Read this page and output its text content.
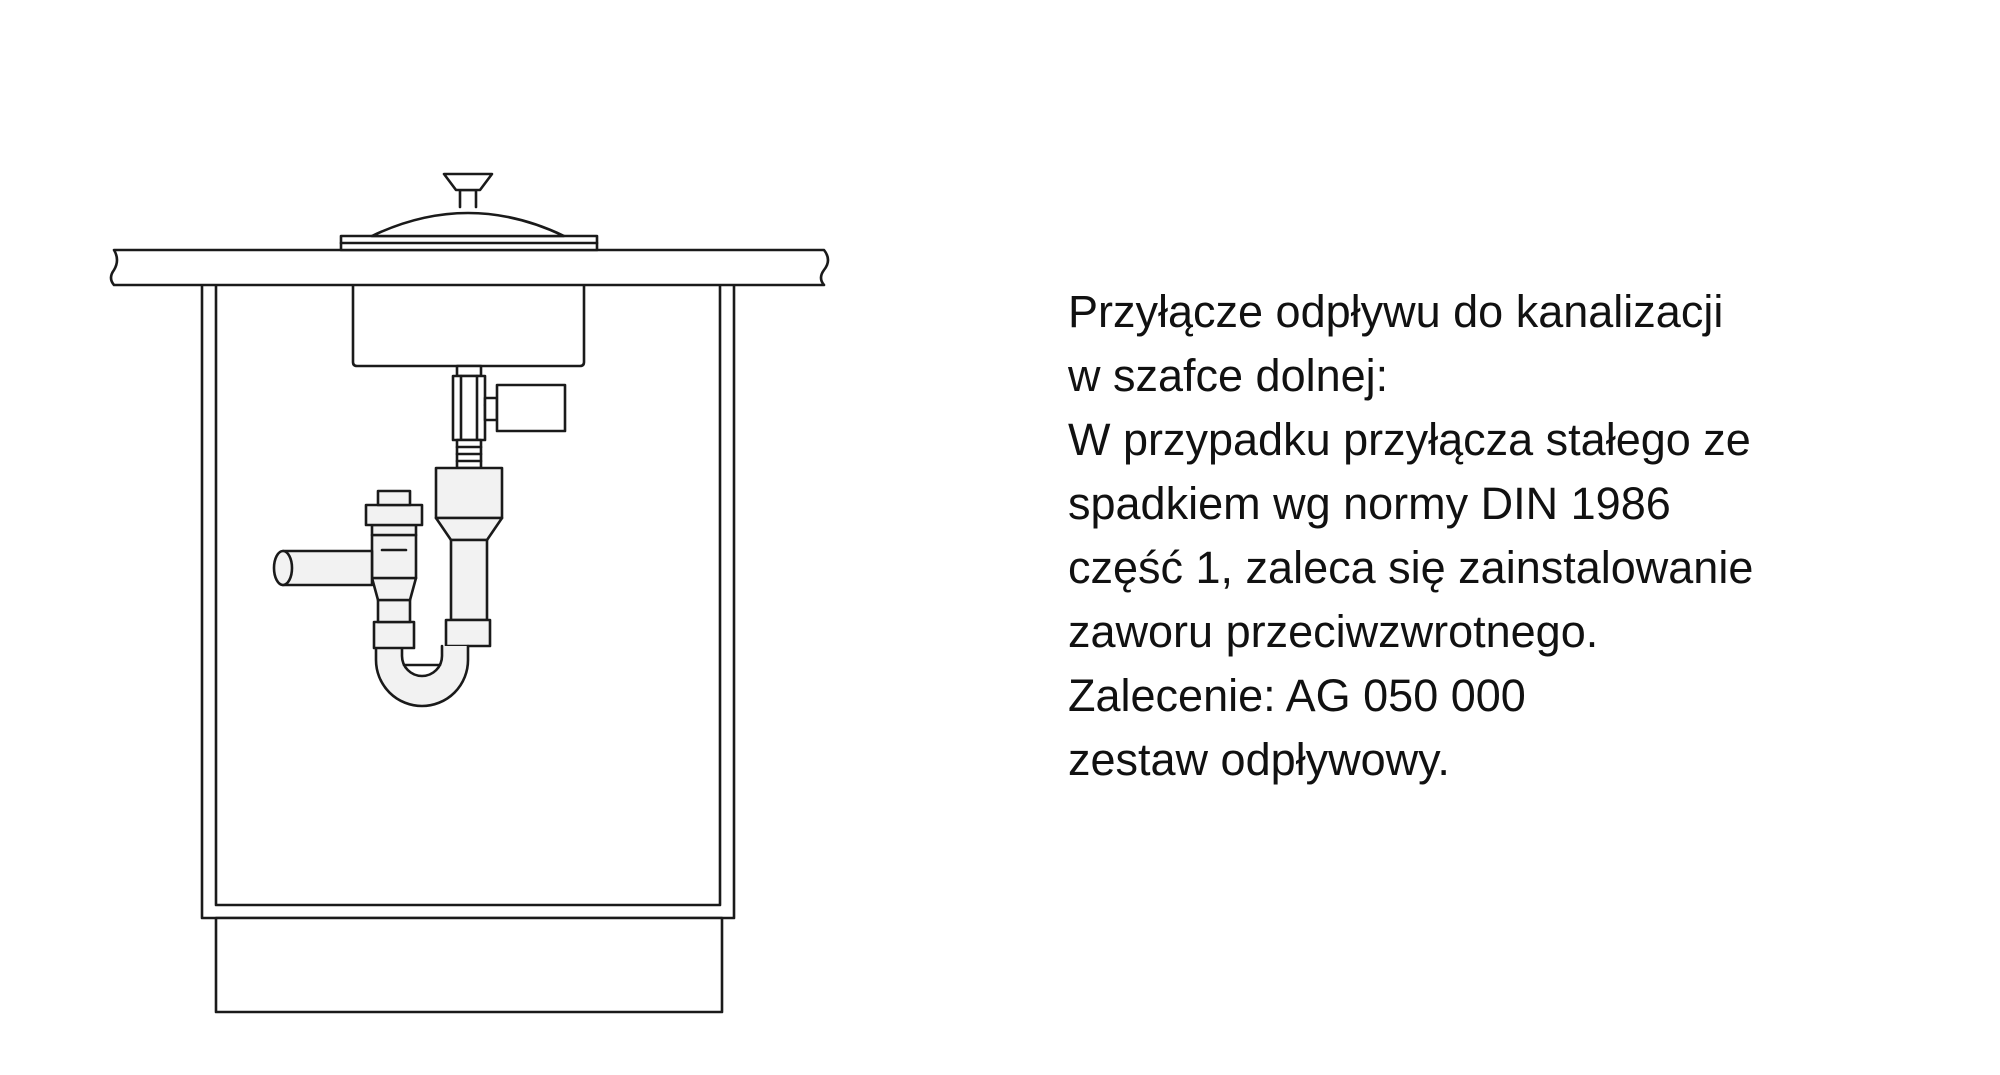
Przyłącze odpływu do kanalizacji
w szafce dolnej:
W przypadku przyłącza stałego ze
spadkiem wg normy DIN 1986
część 1, zaleca się zainstalowanie
zaworu przeciwzwrotnego.
Zalecenie: AG 050 000
zestaw odpływowy.
